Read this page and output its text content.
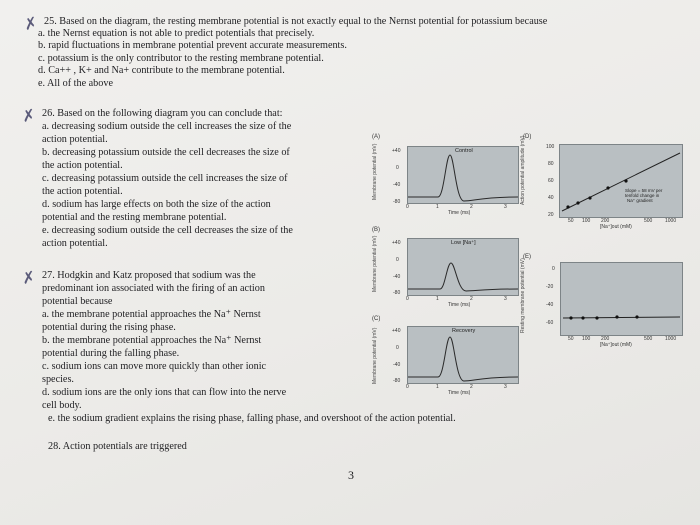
✗ 25. Based on the diagram, the resting membrane potential is not exactly equal to the Nernst potential for potassium because
a. the Nernst equation is not able to predict potentials that precisely.
b. rapid fluctuations in membrane potential prevent accurate measurements.
c. potassium is the only contributor to the resting membrane potential.
d. Ca++ , K+ and Na+ contribute to the membrane potential.
e. All of the above
✗ 26. Based on the following diagram you can conclude that:
a. decreasing sodium outside the cell increases the size of the
action potential.
b. decreasing potassium outside the cell decreases the size of
the action potential.
c. decreasing potassium outside the cell increases the size of
the action potential.
d. sodium has large effects on both the size of the action
potential and the resting membrane potential.
e. decreasing sodium outside the cell decreases the size of the
action potential.
✗ 27. Hodgkin and Katz proposed that sodium was the
predominant ion associated with the firing of an action
potential because
a. the membrane potential approaches the Na⁺ Nernst
potential during the rising phase.
b. the membrane potential approaches the Na⁺ Nernst
potential during the falling phase.
c. sodium ions can move more quickly than other ionic
species.
d. sodium ions are the only ions that can flow into the nerve
cell body.
e. the sodium gradient explains the rising phase, falling phase, and overshoot of the action potential.
28. Action potentials are triggered
3
(A)
Membrane potential (mV)	+40
0
-40
-80
Control
0	1	2	3
Time (ms)
(B)
Membrane potential (mV)	+40
0
-40
-80
Low [Na⁺]
0	1	2	3
Time (ms)
(C)
Membrane potential (mV)	+40
0
-40
-80
Recovery
0	1	2	3
Time (ms)
(D)
Action potential amplitude (mV)	100
80
60
40
20
Slope = 58 mV per
tenfold change in
Na⁺ gradient
50 100 200	500	1000
[Na⁺]out (mM)
(E)
Resting membrane potential (mV)	0
-20
-40
-60
50 100 200	500	1000
[Na⁺]out (mM)
